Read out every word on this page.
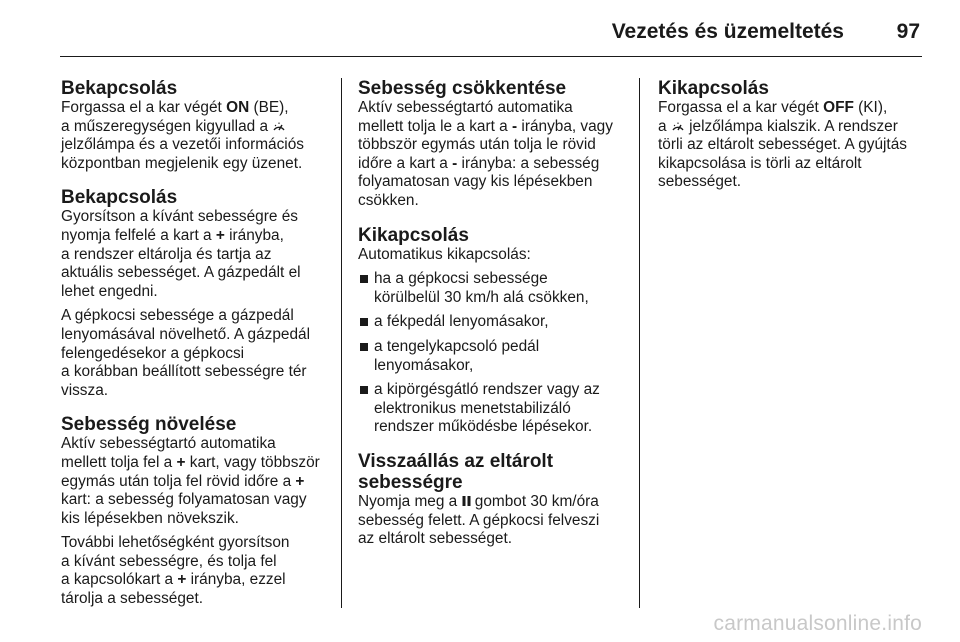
Vezetés és üzemeltetés	97
Bekapcsolás
Forgassa el a kar végét ON (BE),
a műszeregységen kigyullad a
jelzőlámpa és a vezetői információs
központban megjelenik egy üzenet.
Bekapcsolás
Gyorsítson a kívánt sebességre és
nyomja felfelé a kart a + irányba,
a rendszer eltárolja és tartja az
aktuális sebességet. A gázpedált el
lehet engedni.
A gépkocsi sebessége a gázpedál
lenyomásával növelhető. A gázpedál
felengedésekor a gépkocsi
a korábban beállított sebességre tér
vissza.
Sebesség növelése
Aktív sebességtartó automatika
mellett tolja fel a + kart, vagy többször
egymás után tolja fel rövid időre a +
kart: a sebesség folyamatosan vagy
kis lépésekben növekszik.
További lehetőségként gyorsítson
a kívánt sebességre, és tolja fel
a kapcsolókart a + irányba, ezzel
tárolja a sebességet.
Sebesség csökkentése
Aktív sebességtartó automatika
mellett tolja le a kart a - irányba, vagy
többször egymás után tolja le rövid
időre a kart a - irányba: a sebesség
folyamatosan vagy kis lépésekben
csökken.
Kikapcsolás
Automatikus kikapcsolás:
ha a gépkocsi sebessége
körülbelül 30 km/h alá csökken,
a fékpedál lenyomásakor,
a tengelykapcsoló pedál
lenyomásakor,
a kipörgésgátló rendszer vagy az
elektronikus menetstabilizáló
rendszer működésbe lépésekor.
Visszaállás az eltárolt
sebességre
Nyomja meg a  gombot 30 km/óra
sebesség felett. A gépkocsi felveszi
az eltárolt sebességet.
Kikapcsolás
Forgassa el a kar végét OFF (KI),
a  jelzőlámpa kialszik. A rendszer
törli az eltárolt sebességet. A gyújtás
kikapcsolása is törli az eltárolt
sebességet.
carmanualsonline.info
